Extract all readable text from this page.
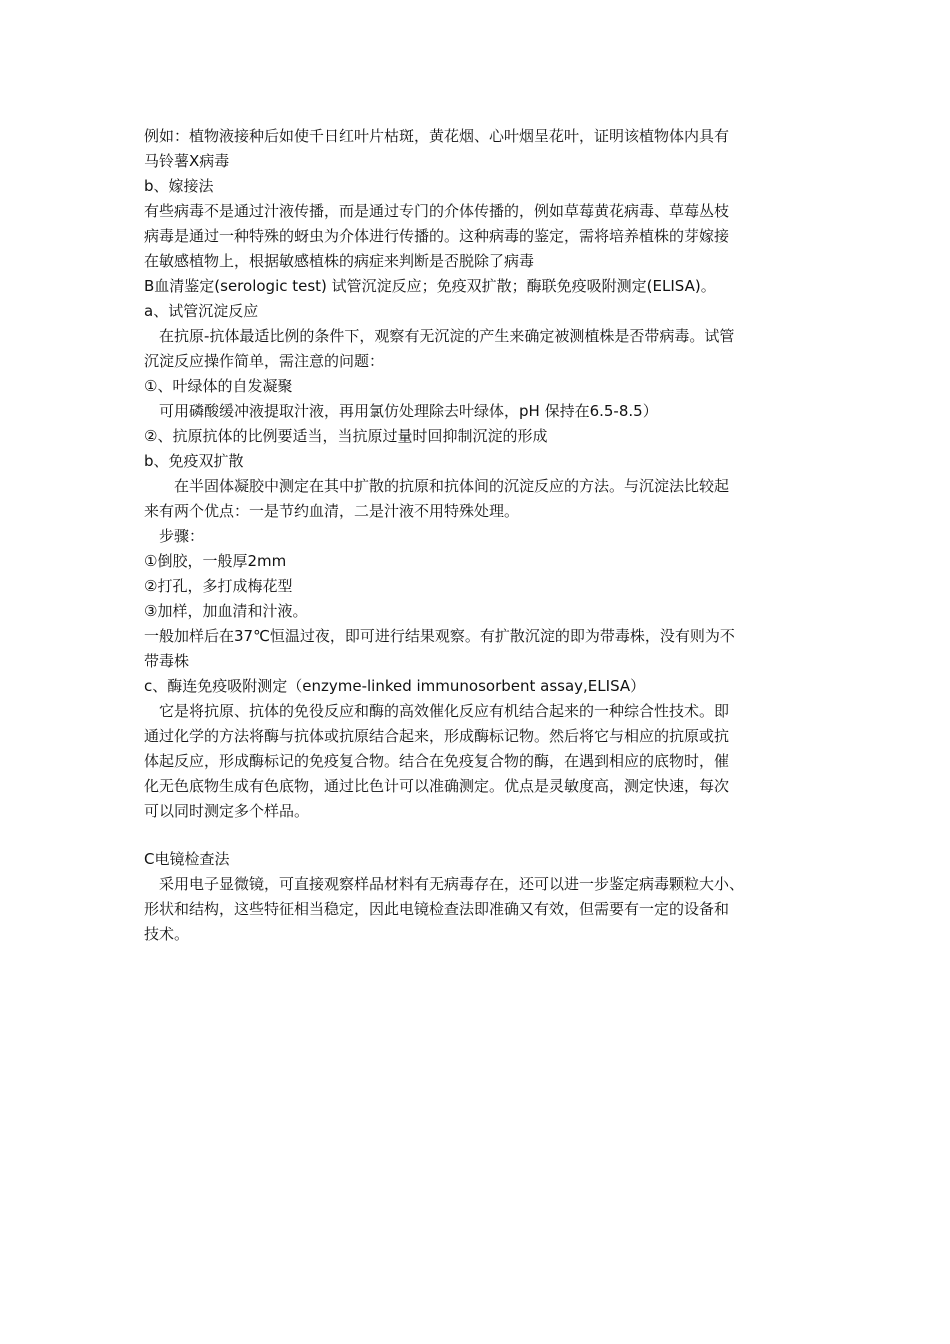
例如：植物液接种后如使千日红叶片枯斑，黄花烟、心叶烟呈花叶，证明该植物体内具有
马铃薯X病毒
b、嫁接法
有些病毒不是通过汁液传播，而是通过专门的介体传播的，例如草莓黄花病毒、草莓丛枝
病毒是通过一种特殊的蚜虫为介体进行传播的。这种病毒的鉴定，需将培养植株的芽嫁接
在敏感植物上，根据敏感植株的病症来判断是否脱除了病毒
B血清鉴定(serologic test) 试管沉淀反应；免疫双扩散；酶联免疫吸附测定(ELISA)。
a、试管沉淀反应
　在抗原-抗体最适比例的条件下，观察有无沉淀的产生来确定被测植株是否带病毒。试管
沉淀反应操作简单，需注意的问题：
①、叶绿体的自发凝聚
　可用磷酸缓冲液提取汁液，再用氯仿处理除去叶绿体，pH 保持在6.5-8.5）
②、抗原抗体的比例要适当，当抗原过量时回抑制沉淀的形成
b、免疫双扩散
　　在半固体凝胶中测定在其中扩散的抗原和抗体间的沉淀反应的方法。与沉淀法比较起
来有两个优点：一是节约血清，二是汁液不用特殊处理。
　步骤：
①倒胶，一般厚2mm
②打孔，多打成梅花型
③加样，加血清和汁液。
一般加样后在37℃恒温过夜，即可进行结果观察。有扩散沉淀的即为带毒株，没有则为不
带毒株
c、酶连免疫吸附测定（enzyme-linked immunosorbent assay,ELISA）
　它是将抗原、抗体的免役反应和酶的高效催化反应有机结合起来的一种综合性技术。即
通过化学的方法将酶与抗体或抗原结合起来，形成酶标记物。然后将它与相应的抗原或抗
体起反应，形成酶标记的免疫复合物。结合在免疫复合物的酶，在遇到相应的底物时，催
化无色底物生成有色底物，通过比色计可以准确测定。优点是灵敏度高，测定快速，每次
可以同时测定多个样品。
C电镜检查法
　采用电子显微镜，可直接观察样品材料有无病毒存在，还可以进一步鉴定病毒颗粒大小、
形状和结构，这些特征相当稳定，因此电镜检查法即准确又有效，但需要有一定的设备和
技术。
